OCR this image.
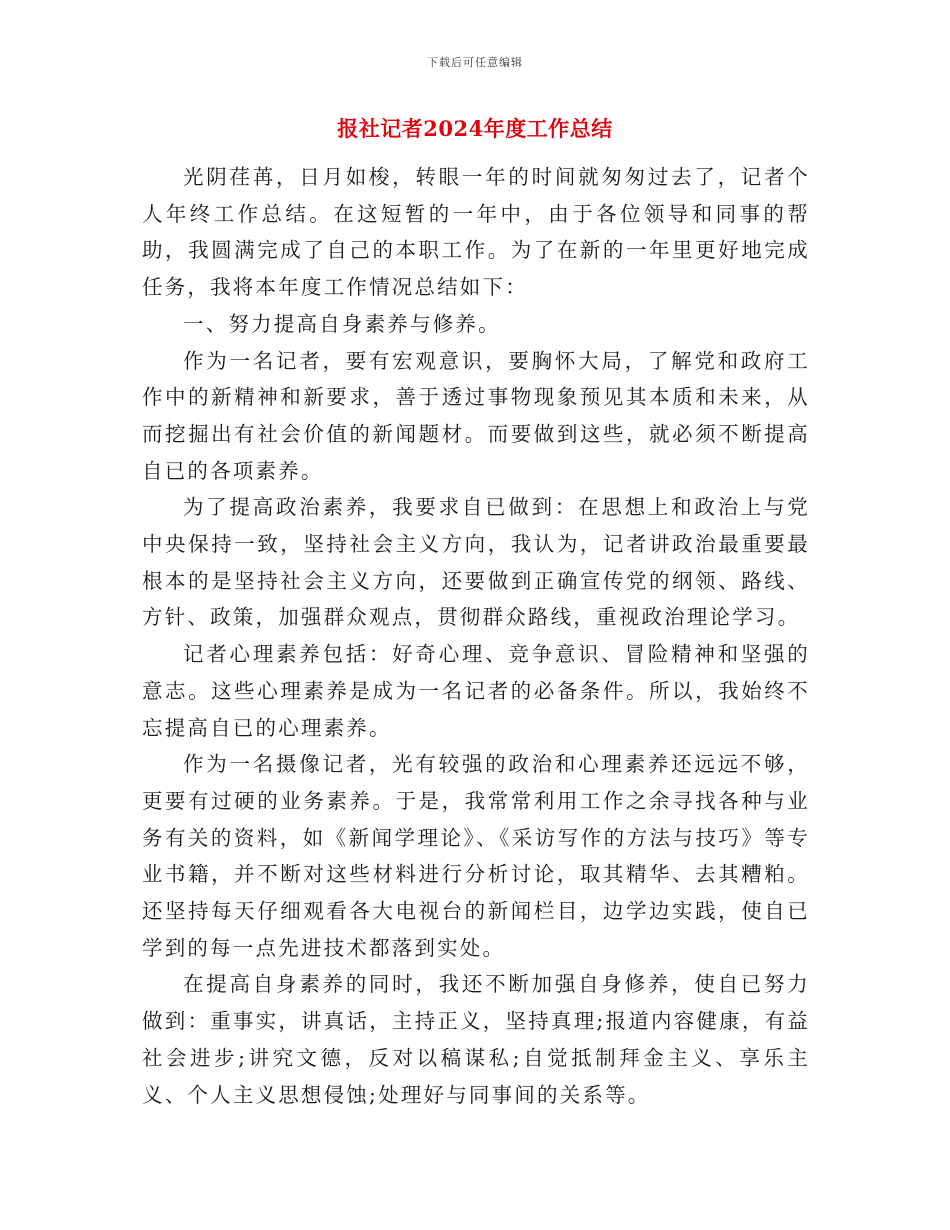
下载后可任意编辑
报社记者2024年度工作总结

光阴荏苒，日月如梭，转眼一年的时间就匆匆过去了，记者个人年终工作总结。在这短暂的一年中，由于各位领导和同事的帮助，我圆满完成了自己的本职工作。为了在新的一年里更好地完成任务，我将本年度工作情况总结如下：

一、努力提高自身素养与修养。

作为一名记者，要有宏观意识，要胸怀大局，了解党和政府工作中的新精神和新要求，善于透过事物现象预见其本质和未来，从而挖掘出有社会价值的新闻题材。而要做到这些，就必须不断提高自已的各项素养。

为了提高政治素养，我要求自已做到：在思想上和政治上与党中央保持一致，坚持社会主义方向，我认为，记者讲政治最重要最根本的是坚持社会主义方向，还要做到正确宣传党的纲领、路线、方针、政策，加强群众观点，贯彻群众路线，重视政治理论学习。

记者心理素养包括：好奇心理、竞争意识、冒险精神和坚强的意志。这些心理素养是成为一名记者的必备条件。所以，我始终不忘提高自已的心理素养。

作为一名摄像记者，光有较强的政治和心理素养还远远不够，更要有过硬的业务素养。于是，我常常利用工作之余寻找各种与业务有关的资料，如《新闻学理论》、《采访写作的方法与技巧》等专业书籍，并不断对这些材料进行分析讨论，取其精华、去其糟粕。还坚持每天仔细观看各大电视台的新闻栏目，边学边实践，使自已学到的每一点先进技术都落到实处。

在提高自身素养的同时，我还不断加强自身修养，使自已努力做到：重事实，讲真话，主持正义，坚持真理;报道内容健康，有益社会进步;讲究文德，反对以稿谋私;自觉抵制拜金主义、享乐主义、个人主义思想侵蚀;处理好与同事间的关系等。
